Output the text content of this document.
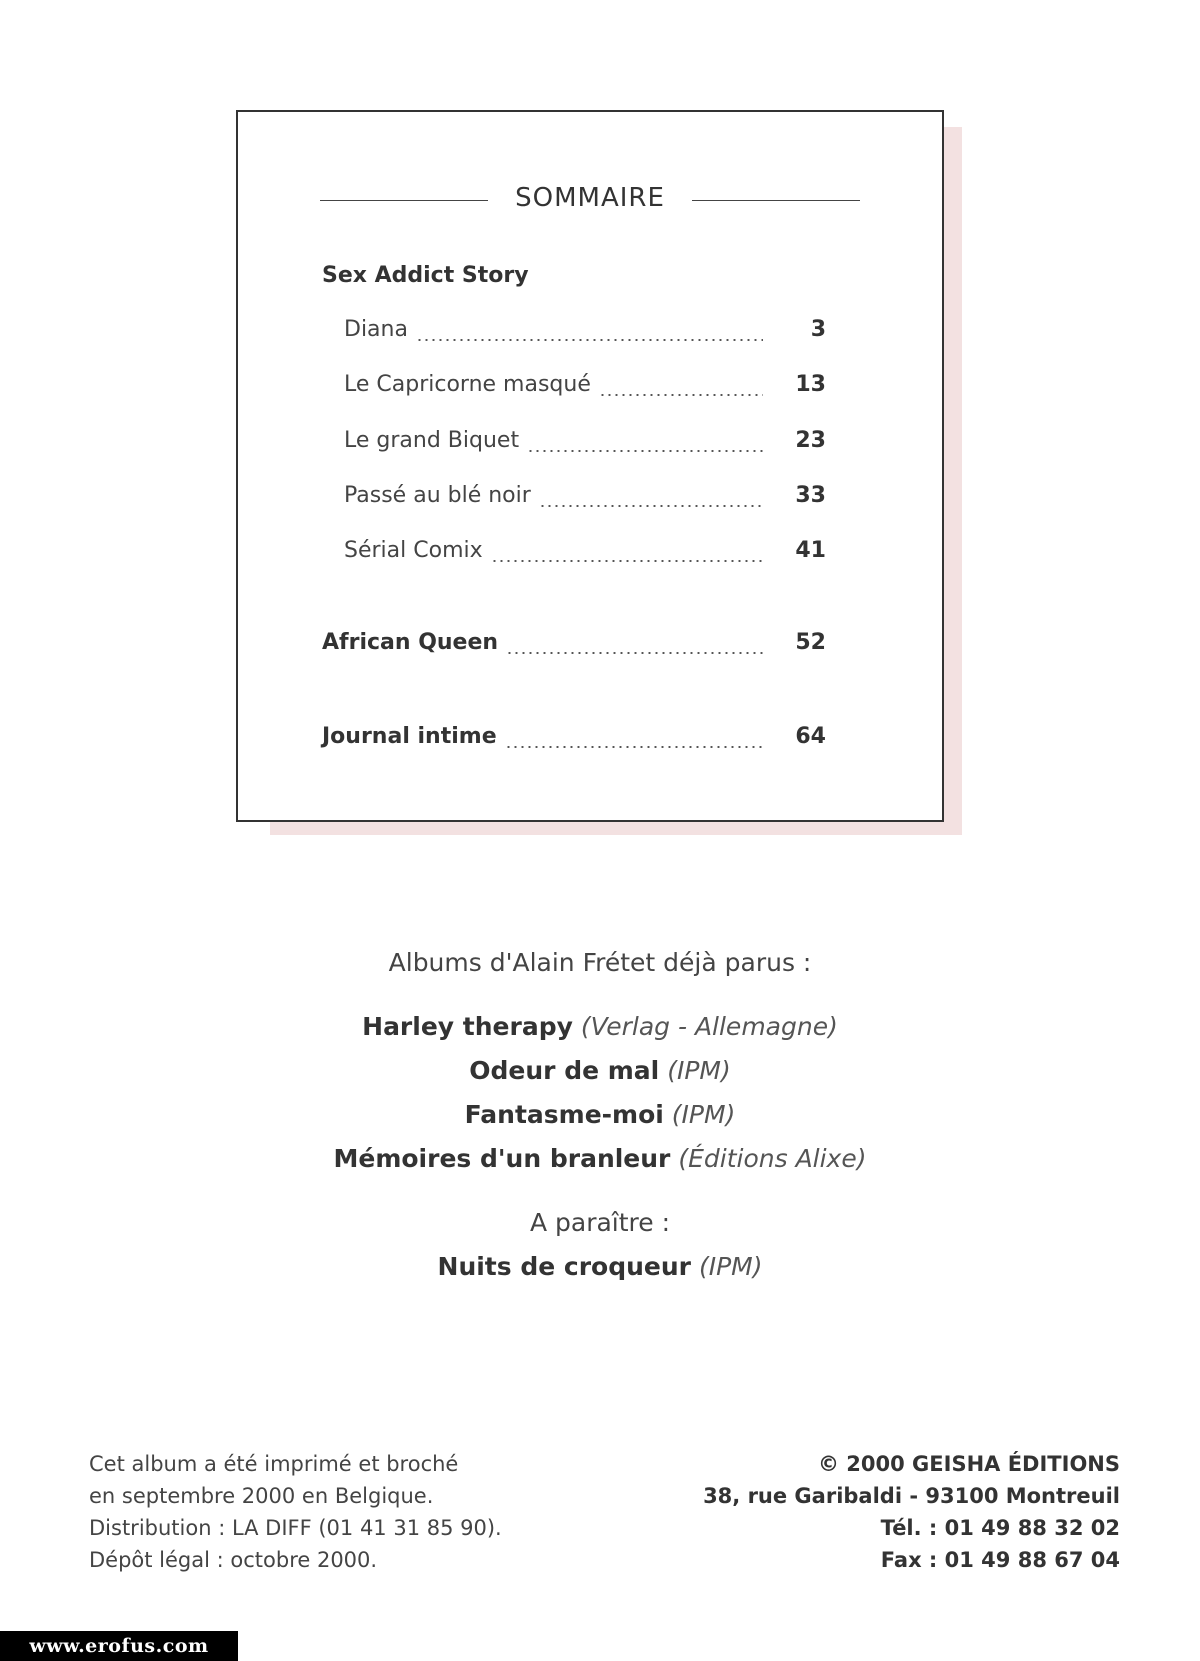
SOMMAIRE
Sex Addict Story
Diana	3
Le Capricorne masqué	13
Le grand Biquet	23
Passé au blé noir	33
Sérial Comix	41
African Queen	52
Journal intime	64
Albums d'Alain Frétet déjà parus :
Harley therapy (Verlag - Allemagne)
Odeur de mal (IPM)
Fantasme-moi (IPM)
Mémoires d'un branleur (Éditions Alixe)
A paraître :
Nuits de croqueur (IPM)
Cet album a été imprimé et broché
en septembre 2000 en Belgique.
Distribution : LA DIFF (01 41 31 85 90).
Dépôt légal : octobre 2000.
© 2000 GEISHA ÉDITIONS
38, rue Garibaldi - 93100 Montreuil
Tél. : 01 49 88 32 02
Fax : 01 49 88 67 04
www.erofus.com
